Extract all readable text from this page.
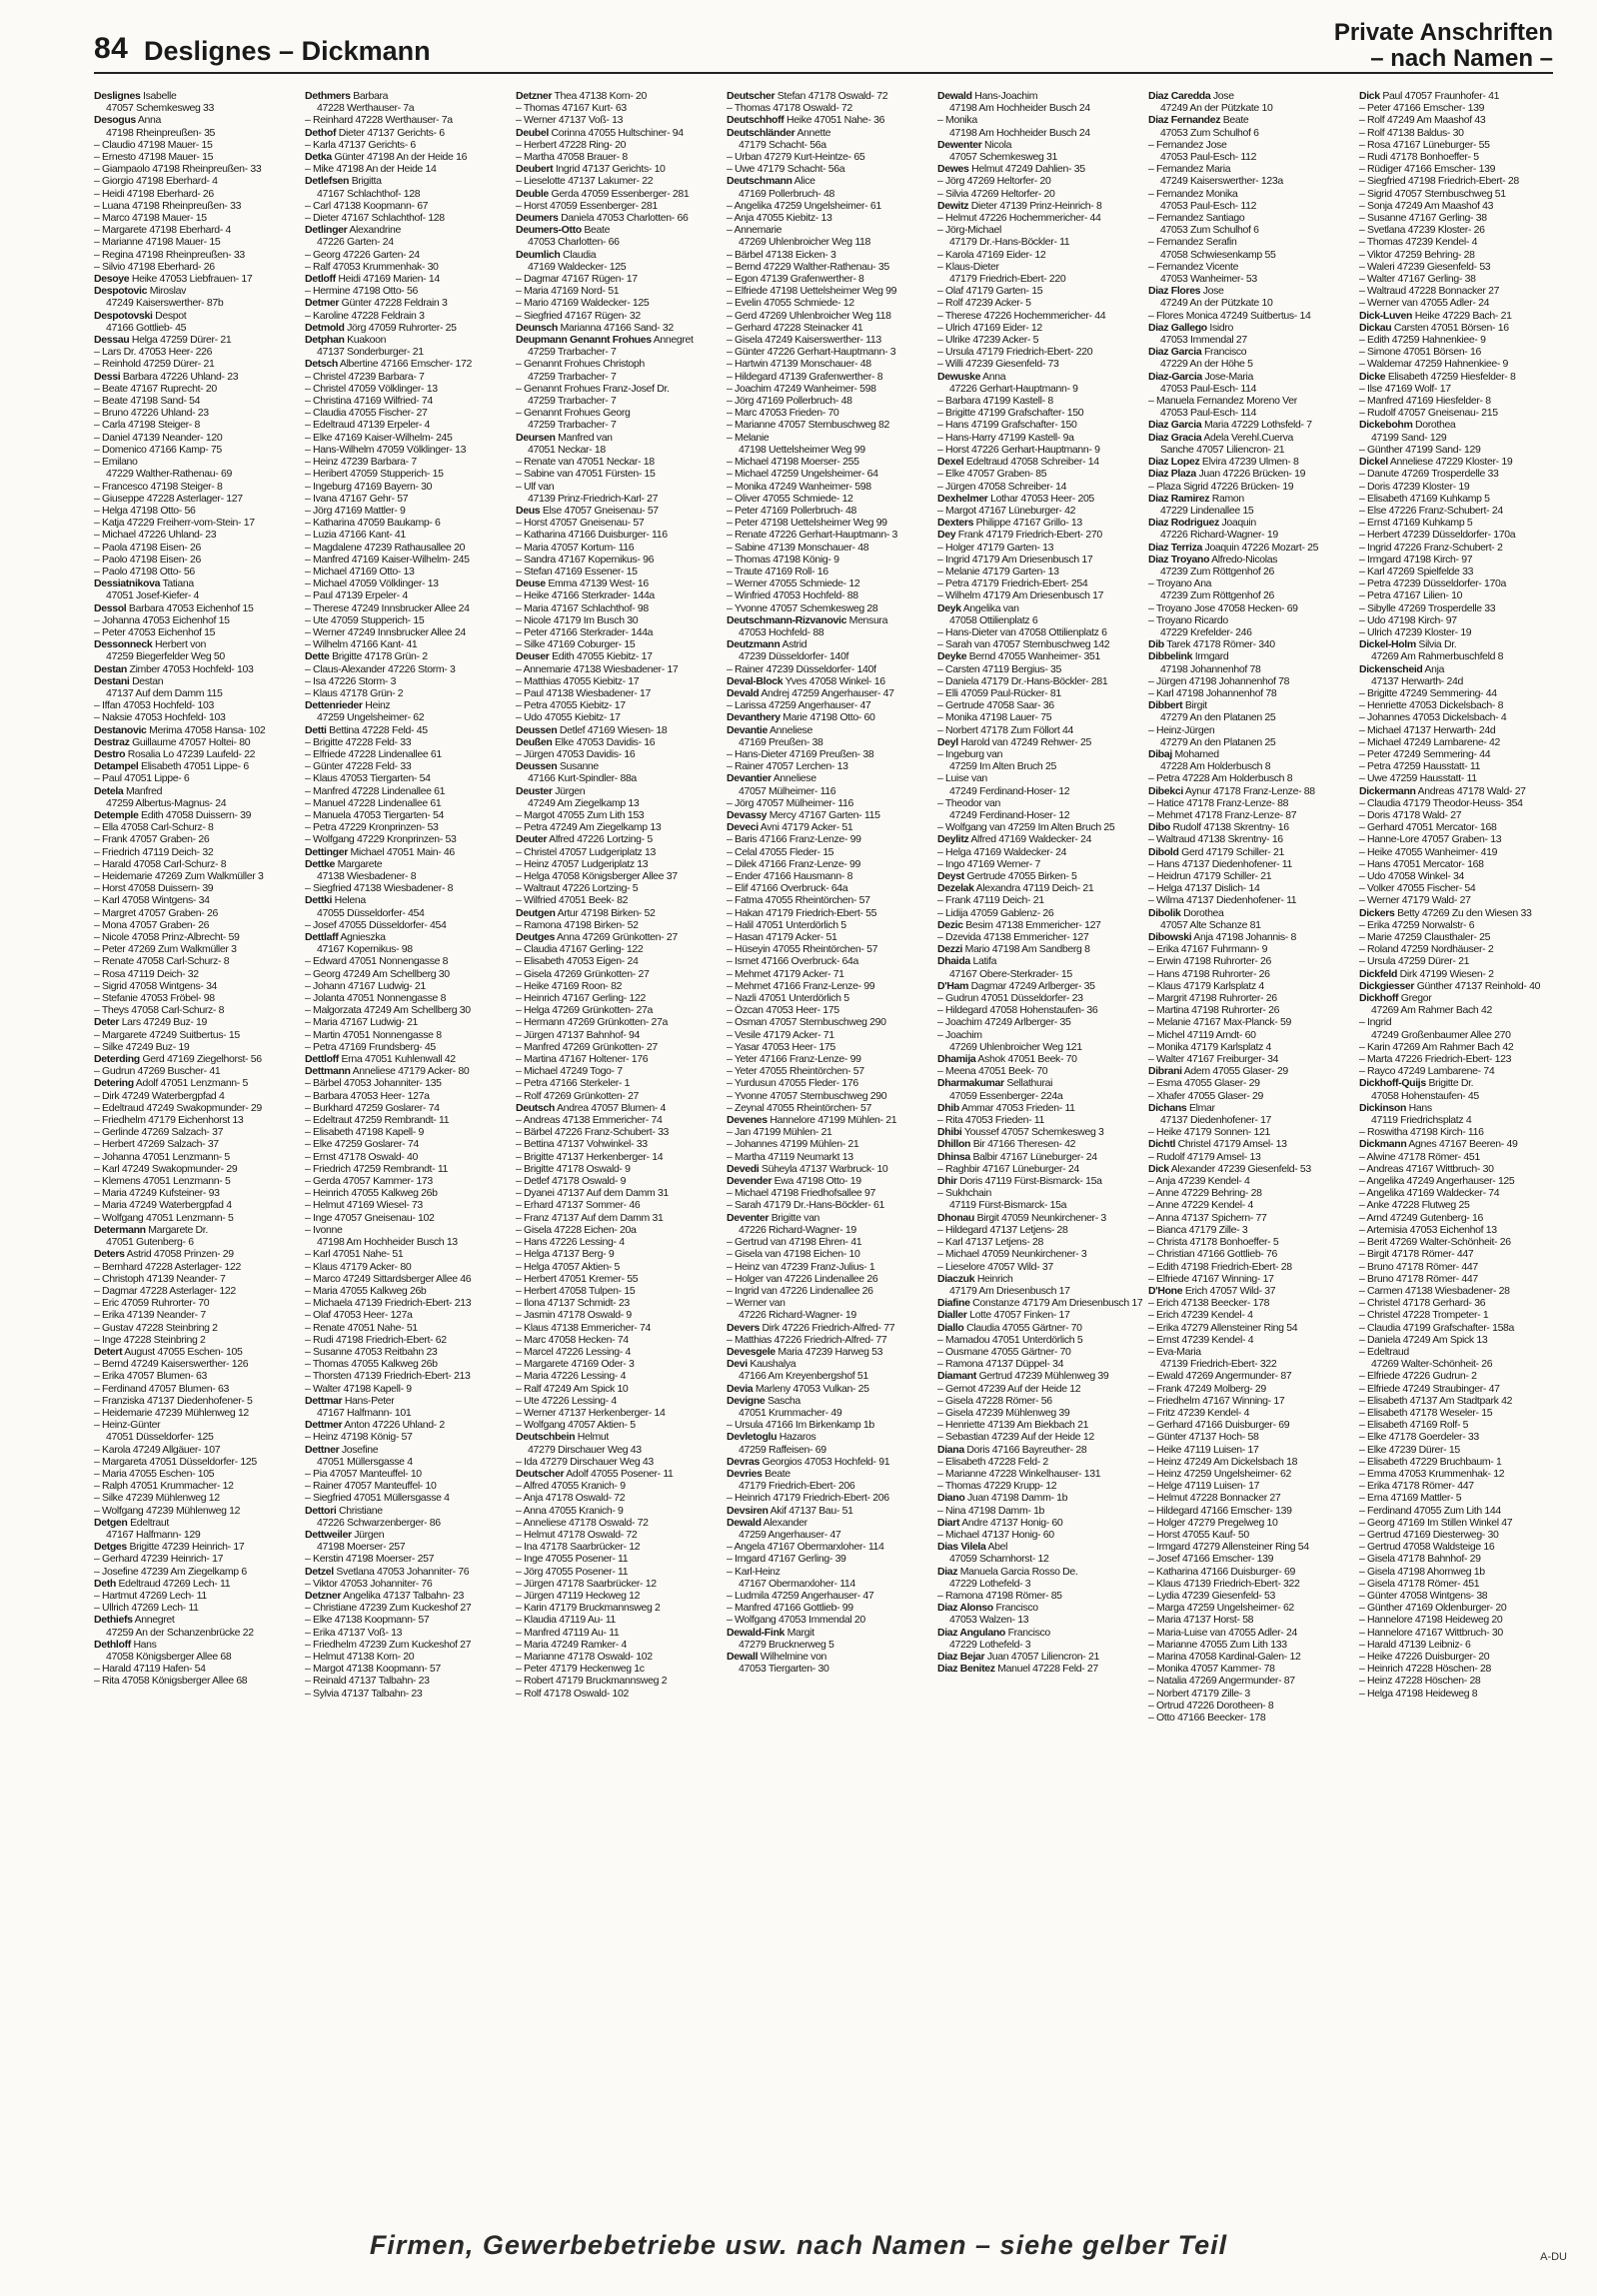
84 Deslignes – Dickmann
Private Anschriften
– nach Namen –
Deslignes Isabelle
47057 Schemkesweg 33
Desogus Anna
47198 Rheinpreußen- 35
– Claudio 47198 Mauer- 15
– Ernesto 47198 Mauer- 15
– Giampaolo 47198 Rheinpreußen- 33
– Giorgio 47198 Eberhard- 4
– Heidi 47198 Eberhard- 26
– Luana 47198 Rheinpreußen- 33
– Marco 47198 Mauer- 15
– Margarete 47198 Eberhard- 4
– Marianne 47198 Mauer- 15
– Regina 47198 Rheinpreußen- 33
– Silvio 47198 Eberhard- 26
Desoye Heike 47053 Liebfrauen- 17
Despotovic Miroslav
47249 Kaiserswerther- 87b
Despotovski Despot
47166 Gottlieb- 45
Dessau Helga 47259 Dürer- 21
– Lars Dr. 47053 Heer- 226
– Reinhold 47259 Dürer- 21
Dessi Barbara 47226 Uhland- 23
– Beate 47167 Ruprecht- 20
– Beate 47198 Sand- 54
– Bruno 47226 Uhland- 23
– Carla 47198 Steiger- 8
– Daniel 47139 Neander- 120
– Domenico 47166 Kamp- 75
– Emilano
47229 Walther-Rathenau- 69
– Francesco 47198 Steiger- 8
– Giuseppe 47228 Asterlager- 127
– Helga 47198 Otto- 56
– Katja 47229 Freiherr-vom-Stein- 17
– Michael 47226 Uhland- 23
– Paola 47198 Eisen- 26
– Paolo 47198 Eisen- 26
– Paolo 47198 Otto- 56
Dessiatnikova Tatiana
47051 Josef-Kiefer- 4
Dessol Barbara 47053 Eichenhof 15
– Johanna 47053 Eichenhof 15
– Peter 47053 Eichenhof 15
Dessonneck Herbert von
47259 Biegerfelder Weg 50
Destan Zimber 47053 Hochfeld- 103
Destani Destan
47137 Auf dem Damm 115
– Iffan 47053 Hochfeld- 103
– Naksie 47053 Hochfeld- 103
Destanovic Merima 47058 Hansa- 102
Destraz Guillaume 47057 Holtei- 80
Destro Rosalia Lo 47239 Laufeld- 22
Detampel Elisabeth 47051 Lippe- 6
– Paul 47051 Lippe- 6
Detela Manfred
47259 Albertus-Magnus- 24
Detemple Edith 47058 Duissern- 39
– Ella 47058 Carl-Schurz- 8
– Frank 47057 Graben- 26
– Friedrich 47119 Deich- 32
– Harald 47058 Carl-Schurz- 8
– Heidemarie 47269 Zum Walkmüller 3
– Horst 47058 Duissern- 39
– Karl 47058 Wintgens- 34
– Margret 47057 Graben- 26
– Mona 47057 Graben- 26
– Nicole 47058 Prinz-Albrecht- 59
– Peter 47269 Zum Walkmüller 3
– Renate 47058 Carl-Schurz- 8
– Rosa 47119 Deich- 32
– Sigrid 47058 Wintgens- 34
– Stefanie 47053 Fröbel- 98
– Theys 47058 Carl-Schurz- 8
Deter Lars 47249 Buz- 19
– Margarete 47249 Suitbertus- 15
– Silke 47249 Buz- 19
Deterding Gerd 47169 Ziegelhorst- 56
– Gudrun 47269 Buscher- 41
Detering Adolf 47051 Lenzmann- 5
– Dirk 47249 Waterbergpfad 4
– Edeltraud 47249 Swakopmunder- 29
– Friedhelm 47179 Eichenhorst 13
– Gerlinde 47269 Salzach- 37
– Herbert 47269 Salzach- 37
– Johanna 47051 Lenzmann- 5
– Karl 47249 Swakopmunder- 29
– Klemens 47051 Lenzmann- 5
– Maria 47249 Kufsteiner- 93
– Maria 47249 Waterbergpfad 4
– Wolfgang 47051 Lenzmann- 5
Determann Margarete Dr.
47051 Gutenberg- 6
Deters Astrid 47058 Prinzen- 29
– Bernhard 47228 Asterlager- 122
– Christoph 47139 Neander- 7
– Dagmar 47228 Asterlager- 122
– Eric 47059 Ruhrorter- 70
– Erika 47139 Neander- 7
– Gustav 47228 Steinbring 2
– Inge 47228 Steinbring 2
Detert August 47055 Eschen- 105
– Bernd 47249 Kaiserswerther- 126
– Erika 47057 Blumen- 63
– Ferdinand 47057 Blumen- 63
– Franziska 47137 Diedenhofener- 5
– Heidemarie 47239 Mühlenweg 12
– Heinz-Günter
47051 Düsseldorfer- 125
– Karola 47249 Allgäuer- 107
– Margareta 47051 Düsseldorfer- 125
– Maria 47055 Eschen- 105
– Ralph 47051 Krummacher- 12
– Silke 47239 Mühlenweg 12
– Wolfgang 47239 Mühlenweg 12
Detgen Edeltraut
47167 Halfmann- 129
Detges Brigitte 47239 Heinrich- 17
– Gerhard 47239 Heinrich- 17
– Josefine 47239 Am Ziegelkamp 6
Deth Edeltraud 47269 Lech- 11
– Hartmut 47269 Lech- 11
– Ullrich 47269 Lech- 11
Dethiefs Annegret
47259 An der Schanzenbrücke 22
Dethloff Hans
47058 Königsberger Allee 68
– Harald 47119 Hafen- 54
– Rita 47058 Königsberger Allee 68
Dethmers Barbara
47228 Werthauser- 7a
– Reinhard 47228 Werthauser- 7a
Dethof Dieter 47137 Gerichts- 6
– Karla 47137 Gerichts- 6
Detka Günter 47198 An der Heide 16
– Mike 47198 An der Heide 14
Detlefsen Brigitta
47167 Schlachthof- 128
– Carl 47138 Koopmann- 67
– Dieter 47167 Schlachthof- 128
Detlinger Alexandrine
47226 Garten- 24
– Georg 47226 Garten- 24
– Ralf 47053 Krummenhak- 30
Detloff Heidi 47169 Marien- 14
– Hermine 47198 Otto- 56
Detmer Günter 47228 Feldrain 3
– Karoline 47228 Feldrain 3
Detmold Jörg 47059 Ruhrorter- 25
Detphan Kuakoon
47137 Sonderburger- 21
Detsch Albertine 47166 Emscher- 172
– Christel 47239 Barbara- 7
– Christel 47059 Völklinger- 13
– Christina 47169 Wilfried- 74
– Claudia 47055 Fischer- 27
– Edeltraud 47139 Erpeler- 4
– Elke 47169 Kaiser-Wilhelm- 245
– Hans-Wilhelm 47059 Völklinger- 13
– Heinz 47239 Barbara- 7
– Heribert 47059 Stupperich- 15
– Ingeburg 47169 Bayern- 30
– Ivana 47167 Gehr- 57
– Jörg 47169 Mattler- 9
– Katharina 47059 Baukamp- 6
– Luzia 47166 Kant- 41
– Magdalene 47239 Rathausallee 20
– Manfred 47169 Kaiser-Wilhelm- 245
– Michael 47169 Otto- 13
– Michael 47059 Völklinger- 13
– Paul 47139 Erpeler- 4
– Therese 47249 Innsbrucker Allee 24
– Ute 47059 Stupperich- 15
– Werner 47249 Innsbrucker Allee 24
– Wilhelm 47166 Kant- 41
Dette Brigitte 47178 Grün- 2
– Claus-Alexander 47226 Storm- 3
– Isa 47226 Storm- 3
– Klaus 47178 Grün- 2
Dettenrieder Heinz
47259 Ungelsheimer- 62
Detti Bettina 47228 Feld- 45
– Brigitte 47228 Feld- 33
– Elfriede 47228 Lindenallee 61
– Günter 47228 Feld- 33
– Klaus 47053 Tiergarten- 54
– Manfred 47228 Lindenallee 61
– Manuel 47228 Lindenallee 61
– Manuela 47053 Tiergarten- 54
– Petra 47229 Kronprinzen- 53
– Wolfgang 47229 Kronprinzen- 53
Dettinger Michael 47051 Main- 46
Dettke Margarete
47138 Wiesbadener- 8
– Siegfried 47138 Wiesbadener- 8
Dettki Helena
47055 Düsseldorfer- 454
– Josef 47055 Düsseldorfer- 454
Dettlaff Agnieszka
47167 Kopernikus- 98
– Edward 47051 Nonnengasse 8
– Georg 47249 Am Schellberg 30
– Johann 47167 Ludwig- 21
– Jolanta 47051 Nonnengasse 8
– Malgorzata 47249 Am Schellberg 30
– Maria 47167 Ludwig- 21
– Martin 47051 Nonnengasse 8
– Petra 47169 Frundsberg- 45
Dettloff Erna 47051 Kuhlenwall 42
Dettmann Anneliese 47179 Acker- 80
– Bärbel 47053 Johanniter- 135
– Barbara 47053 Heer- 127a
– Burkhard 47259 Goslarer- 74
– Edeltraut 47259 Rembrandt- 11
– Elisabeth 47198 Kapell- 9
– Elke 47259 Goslarer- 74
– Ernst 47178 Oswald- 40
– Friedrich 47259 Rembrandt- 11
– Gerda 47057 Kammer- 173
– Heinrich 47055 Kalkweg 26b
– Helmut 47169 Wiesel- 73
– Inge 47057 Gneisenau- 102
– Ivonne
47198 Am Hochheider Busch 13
– Karl 47051 Nahe- 51
– Klaus 47179 Acker- 80
– Marco 47249 Sittardsberger Allee 46
– Maria 47055 Kalkweg 26b
– Michaela 47139 Friedrich-Ebert- 213
– Olaf 47053 Heer- 127a
– Renate 47051 Nahe- 51
– Rudi 47198 Friedrich-Ebert- 62
– Susanne 47053 Reitbahn 23
– Thomas 47055 Kalkweg 26b
– Thorsten 47139 Friedrich-Ebert- 213
– Walter 47198 Kapell- 9
Dettmar Hans-Peter
47167 Halfmann- 101
Dettmer Anton 47226 Uhland- 2
– Heinz 47198 König- 57
Dettner Josefine
47051 Müllersgasse 4
– Pia 47057 Manteuffel- 10
– Rainer 47057 Manteuffel- 10
– Siegfried 47051 Müllersgasse 4
Dettori Christiane
47226 Schwarzenberger- 86
Dettweiler Jürgen
47198 Moerser- 257
– Kerstin 47198 Moerser- 257
Detzel Svetlana 47053 Johanniter- 76
– Viktor 47053 Johanniter- 76
Detzner Angelika 47137 Talbahn- 23
– Christiane 47239 Zum Kuckeshof 27
– Elke 47138 Koopmann- 57
– Erika 47137 Voß- 13
– Friedhelm 47239 Zum Kuckeshof 27
– Helmut 47138 Korn- 20
– Margot 47138 Koopmann- 57
– Reinald 47137 Talbahn- 23
– Sylvia 47137 Talbahn- 23
Detzner Thea 47138 Korn- 20
– Thomas 47167 Kurt- 63
– Werner 47137 Voß- 13
Deubel Corinna 47055 Hultschiner- 94
– Herbert 47228 Ring- 20
– Martha 47058 Brauer- 8
Deubert Ingrid 47137 Gerichts- 10
– Lieselotte 47137 Lakumer- 22
Deuble Gerda 47059 Essenberger- 281
– Horst 47059 Essenberger- 281
Deumers Daniela 47053 Charlotten- 66
Deumers-Otto Beate
47053 Charlotten- 66
Deumlich Claudia
47169 Waldecker- 125
– Dagmar 47167 Rügen- 17
– Maria 47169 Nord- 51
– Mario 47169 Waldecker- 125
– Siegfried 47167 Rügen- 32
Deunsch Marianna 47166 Sand- 32
Deupmann Genannt Frohues Annegret
47259 Trarbacher- 7
– Genannt Frohues Christoph
47259 Trarbacher- 7
– Genannt Frohues Franz-Josef Dr.
47259 Trarbacher- 7
– Genannt Frohues Georg
47259 Trarbacher- 7
Deursen Manfred van
47051 Neckar- 18
– Renate van 47051 Neckar- 18
– Sabine van 47051 Fürsten- 15
– Ulf van
47139 Prinz-Friedrich-Karl- 27
Deus Else 47057 Gneisenau- 57
– Horst 47057 Gneisenau- 57
– Katharina 47166 Duisburger- 116
– Maria 47057 Kortum- 116
– Sandra 47167 Kopernikus- 96
– Stefan 47169 Essener- 15
Deuse Emma 47139 West- 16
– Heike 47166 Sterkrader- 144a
– Maria 47167 Schlachthof- 98
– Nicole 47179 Im Busch 30
– Peter 47166 Sterkrader- 144a
– Silke 47169 Coburger- 15
Deuser Edith 47055 Kiebitz- 17
– Annemarie 47138 Wiesbadener- 17
– Matthias 47055 Kiebitz- 17
– Paul 47138 Wiesbadener- 17
– Petra 47055 Kiebitz- 17
– Udo 47055 Kiebitz- 17
Deussen Detlef 47169 Wiesen- 18
Deußen Elke 47053 Davidis- 16
– Jürgen 47053 Davidis- 16
Deussen Susanne
47166 Kurt-Spindler- 88a
Deuster Jürgen
47249 Am Ziegelkamp 13
– Margot 47055 Zum Lith 153
– Petra 47249 Am Ziegelkamp 13
Deuter Alfred 47226 Lortzing- 5
– Christel 47057 Ludgeriplatz 13
– Heinz 47057 Ludgeriplatz 13
– Helga 47058 Königsberger Allee 37
– Waltraut 47226 Lortzing- 5
– Wilfried 47051 Beek- 82
Deutgen Artur 47198 Birken- 52
– Ramona 47198 Birken- 52
Deutges Anna 47269 Grünkotten- 27
– Claudia 47167 Gerling- 122
– Elisabeth 47053 Eigen- 24
– Gisela 47269 Grünkotten- 27
– Heike 47169 Roon- 82
– Heinrich 47167 Gerling- 122
– Helga 47269 Grünkotten- 27a
– Hermann 47269 Grünkotten- 27a
– Jürgen 47137 Bahnhof- 94
– Manfred 47269 Grünkotten- 27
– Martina 47167 Holtener- 176
– Michael 47249 Togo- 7
– Petra 47166 Sterkeler- 1
– Rolf 47269 Grünkotten- 27
Deutsch Andrea 47057 Blumen- 4
– Andreas 47138 Emmericher- 74
– Bärbel 47226 Franz-Schubert- 33
– Bettina 47137 Vohwinkel- 33
– Brigitte 47137 Herkenberger- 14
– Brigitte 47178 Oswald- 9
– Detlef 47178 Oswald- 9
– Dyanei 47137 Auf dem Damm 31
– Erhard 47137 Sommer- 46
– Franz 47137 Auf dem Damm 31
– Gisela 47228 Eichen- 20a
– Hans 47226 Lessing- 4
– Helga 47137 Berg- 9
– Helga 47057 Aktien- 5
– Herbert 47051 Kremer- 55
– Herbert 47058 Tulpen- 15
– Ilona 47137 Schmidt- 23
– Jasmin 47178 Oswald- 9
– Klaus 47138 Emmericher- 74
– Marc 47058 Hecken- 74
– Marcel 47226 Lessing- 4
– Margarete 47169 Oder- 3
– Maria 47226 Lessing- 4
– Ralf 47249 Am Spick 10
– Ute 47226 Lessing- 4
– Werner 47137 Herkenberger- 14
– Wolfgang 47057 Aktien- 5
Deutschbein Helmut
47279 Dirschauer Weg 43
– Ida 47279 Dirschauer Weg 43
Deutscher Adolf 47055 Posener- 11
– Alfred 47055 Kranich- 9
– Anja 47178 Oswald- 72
– Anna 47055 Kranich- 9
– Anneliese 47178 Oswald- 72
– Helmut 47178 Oswald- 72
– Ina 47178 Saarbrücker- 12
– Inge 47055 Posener- 11
– Jörg 47055 Posener- 11
– Jürgen 47178 Saarbrücker- 12
– Jürgen 47119 Heckweg 12
– Karin 47179 Bruckmannsweg 2
– Klaudia 47119 Au- 11
– Manfred 47119 Au- 11
– Maria 47249 Ramker- 4
– Marianne 47178 Oswald- 102
– Peter 47179 Heckenweg 1c
– Robert 47179 Bruckmannsweg 2
– Rolf 47178 Oswald- 102
Deutscher Stefan 47178 Oswald- 72
– Thomas 47178 Oswald- 72
Deutschhoff Heike 47051 Nahe- 36
Deutschländer Annette
47179 Schacht- 56a
– Urban 47279 Kurt-Heintze- 65
– Uwe 47179 Schacht- 56a
Deutschmann Alice
47169 Pollerbruch- 48
– Angelika 47259 Ungelsheimer- 61
– Anja 47055 Kiebitz- 13
– Annemarie
47269 Uhlenbroicher Weg 118
– Bärbel 47138 Eicken- 3
– Bernd 47229 Walther-Rathenau- 35
– Egon 47139 Grafenwerther- 8
– Elfriede 47198 Uettelsheimer Weg 99
– Evelin 47055 Schmiede- 12
– Gerd 47269 Uhlenbroicher Weg 118
– Gerhard 47228 Steinacker 41
– Gisela 47249 Kaiserswerther- 113
– Günter 47226 Gerhart-Hauptmann- 3
– Hartwin 47139 Monschauer- 48
– Hildegard 47139 Grafenwerther- 8
– Joachim 47249 Wanheimer- 598
– Jörg 47169 Pollerbruch- 48
– Marc 47053 Frieden- 70
– Marianne 47057 Sternbuschweg 82
– Melanie
47198 Uettelsheimer Weg 99
– Michael 47198 Moerser- 255
– Michael 47259 Ungelsheimer- 64
– Monika 47249 Wanheimer- 598
– Oliver 47055 Schmiede- 12
– Peter 47169 Pollerbruch- 48
– Peter 47198 Uettelsheimer Weg 99
– Renate 47226 Gerhart-Hauptmann- 3
– Sabine 47139 Monschauer- 48
– Thomas 47198 König- 9
– Traute 47169 Roll- 16
– Werner 47055 Schmiede- 12
– Winfried 47053 Hochfeld- 88
– Yvonne 47057 Schemkesweg 28
Deutschmann-Rizvanovic Mensura
47053 Hochfeld- 88
Deutzmann Astrid
47239 Düsseldorfer- 140f
– Rainer 47239 Düsseldorfer- 140f
Deval-Block Yves 47058 Winkel- 16
Devald Andrej 47259 Angerhauser- 47
– Larissa 47259 Angerhauser- 47
Devanthery Marie 47198 Otto- 60
Devantie Anneliese
47169 Preußen- 38
– Hans-Dieter 47169 Preußen- 38
– Rainer 47057 Lerchen- 13
Devantier Anneliese
47057 Mülheimer- 116
– Jörg 47057 Mülheimer- 116
Devassy Mercy 47167 Garten- 115
Deveci Avni 47179 Acker- 51
– Baris 47166 Franz-Lenze- 99
– Celal 47055 Fleder- 15
– Dilek 47166 Franz-Lenze- 99
– Ender 47166 Hausmann- 8
– Elif 47166 Overbruck- 64a
– Fatma 47055 Rheintörchen- 57
– Hakan 47179 Friedrich-Ebert- 55
– Halil 47051 Unterdörlich 5
– Hasan 47179 Acker- 51
– Hüseyin 47055 Rheintörchen- 57
– Ismet 47166 Overbruck- 64a
– Mehmet 47179 Acker- 71
– Mehmet 47166 Franz-Lenze- 99
– Nazli 47051 Unterdörlich 5
– Özcan 47053 Heer- 175
– Osman 47057 Sternbuschweg 290
– Vesile 47179 Acker- 71
– Yasar 47053 Heer- 175
– Yeter 47166 Franz-Lenze- 99
– Yeter 47055 Rheintörchen- 57
– Yurdusun 47055 Fleder- 176
– Yvonne 47057 Sternbuschweg 290
– Zeynal 47055 Rheintörchen- 57
Devenes Hannelore 47199 Mühlen- 21
– Jan 47199 Mühlen- 21
– Johannes 47199 Mühlen- 21
– Martha 47119 Neumarkt 13
Devedi Süheyla 47137 Warbruck- 10
Devender Ewa 47198 Otto- 19
– Michael 47198 Friedhofsallee 97
– Sarah 47179 Dr.-Hans-Böckler- 61
Deventer Brigitte van
47226 Richard-Wagner- 19
– Gertrud van 47198 Ehren- 41
– Gisela van 47198 Eichen- 10
– Heinz van 47239 Franz-Julius- 1
– Holger van 47226 Lindenallee 26
– Ingrid van 47226 Lindenallee 26
– Werner van
47226 Richard-Wagner- 19
Devers Dirk 47226 Friedrich-Alfred- 77
– Matthias 47226 Friedrich-Alfred- 77
Devesgele Maria 47239 Harweg 53
Devi Kaushalya
47166 Am Kreyenbergshof 51
Devia Marleny 47053 Vulkan- 25
Devigne Sascha
47051 Krummacher- 49
– Ursula 47166 Im Birkenkamp 1b
Devletoglu Hazaros
47259 Raffeisen- 69
Devras Georgios 47053 Hochfeld- 91
Devries Beate
47179 Friedrich-Ebert- 206
– Heinrich 47179 Friedrich-Ebert- 206
Devsiren Akif 47137 Bau- 51
Dewald Alexander
47259 Angerhauser- 47
– Angela 47167 Obermarxloher- 114
– Irngard 47167 Gerling- 39
– Karl-Heinz
47167 Obermarxloher- 114
– Ludmila 47259 Angerhauser- 47
– Manfred 47166 Gottlieb- 99
– Wolfgang 47053 Immendal 20
Dewald-Fink Margit
47279 Brucknerweg 5
Dewall Wilhelmine von
47053 Tiergarten- 30
Dewald Hans-Joachim
47198 Am Hochheider Busch 24
– Monika
47198 Am Hochheider Busch 24
Dewenter Nicola
47057 Schemkesweg 31
Dewes Helmut 47249 Dahlien- 35
– Jörg 47269 Heltorfer- 20
– Silvia 47269 Heltorfer- 20
Dewitz Dieter 47139 Prinz-Heinrich- 8
– Helmut 47226 Hochemmericher- 44
– Jörg-Michael
47179 Dr.-Hans-Böckler- 11
– Karola 47169 Eider- 12
– Klaus-Dieter
47179 Friedrich-Ebert- 220
– Olaf 47179 Garten- 15
– Rolf 47239 Acker- 5
– Therese 47226 Hochemmericher- 44
– Ulrich 47169 Eider- 12
– Ulrike 47239 Acker- 5
– Ursula 47179 Friedrich-Ebert- 220
– Willi 47239 Giesenfeld- 73
Dewuske Anna
47226 Gerhart-Hauptmann- 9
– Barbara 47199 Kastell- 8
– Brigitte 47199 Grafschafter- 150
– Hans 47199 Grafschafter- 150
– Hans-Harry 47199 Kastell- 9a
– Horst 47226 Gerhart-Hauptmann- 9
Dexel Edeltraud 47058 Schreiber- 14
– Elke 47057 Graben- 85
– Jürgen 47058 Schreiber- 14
Dexhelmer Lothar 47053 Heer- 205
– Margot 47167 Lüneburger- 42
Dexters Philippe 47167 Grillo- 13
Dey Frank 47179 Friedrich-Ebert- 270
– Holger 47179 Garten- 13
– Ingrid 47179 Am Driesenbusch 17
– Melanie 47179 Garten- 13
– Petra 47179 Friedrich-Ebert- 254
– Wilhelm 47179 Am Driesenbusch 17
Deyk Angelika van
47058 Ottilienplatz 6
– Hans-Dieter van 47058 Ottilienplatz 6
– Sarah van 47057 Sternbuschweg 142
Deyke Bernd 47055 Wanheimer- 351
– Carsten 47119 Bergius- 35
– Daniela 47179 Dr.-Hans-Böckler- 281
– Elli 47059 Paul-Rücker- 81
– Gertrude 47058 Saar- 36
– Monika 47198 Lauer- 75
– Norbert 47178 Zum Föllort 44
Deyl Harold van 47249 Rehwer- 25
– Ingeburg van
47259 Im Alten Bruch 25
– Luise van
47249 Ferdinand-Hoser- 12
– Theodor van
47249 Ferdinand-Hoser- 12
– Wolfgang van 47259 Im Alten Bruch 25
Deylitz Alfred 47169 Waldecker- 24
– Helga 47169 Waldecker- 24
– Ingo 47169 Werner- 7
Deyst Gertrude 47055 Birken- 5
Dezelak Alexandra 47119 Deich- 21
– Frank 47119 Deich- 21
– Lidija 47059 Gablenz- 26
Dezic Besim 47138 Emmericher- 127
– Dzevida 47138 Emmericher- 127
Dezzi Mario 47198 Am Sandberg 8
Dhaida Latifa
47167 Obere-Sterkrader- 15
D'Ham Dagmar 47249 Arlberger- 35
– Gudrun 47051 Düsseldorfer- 23
– Hildegard 47058 Hohenstaufen- 36
– Joachim 47249 Arlberger- 35
– Joachim
47269 Uhlenbroicher Weg 121
Dhamija Ashok 47051 Beek- 70
– Meena 47051 Beek- 70
Dharmakumar Sellathurai
47059 Essenberger- 224a
Dhib Ammar 47053 Frieden- 11
– Rita 47053 Frieden- 11
Dhibi Youssef 47057 Schemkesweg 3
Dhillon Bir 47166 Theresen- 42
Dhinsa Balbir 47167 Lüneburger- 24
– Raghbir 47167 Lüneburger- 24
Dhir Doris 47119 Fürst-Bismarck- 15a
– Sukhchain
47119 Fürst-Bismarck- 15a
Dhonau Birgit 47059 Neunkirchener- 3
– Hildegard 47137 Letjens- 28
– Karl 47137 Letjens- 28
– Michael 47059 Neunkirchener- 3
– Lieselore 47057 Wild- 37
Diaczuk Heinrich
47179 Am Driesenbusch 17
Diafine Constanze 47179 Am Driesenbusch 17
Dialler Lotte 47057 Finken- 17
Diallo Claudia 47055 Gärtner- 70
– Mamadou 47051 Unterdörlich 5
– Ousmane 47055 Gärtner- 70
– Ramona 47137 Düppel- 34
Diamant Gertrud 47239 Mühlenweg 39
– Gernot 47239 Auf der Heide 12
– Gisela 47228 Römer- 56
– Gisela 47239 Mühlenweg 39
– Henriette 47139 Am Biekbach 21
– Sebastian 47239 Auf der Heide 12
Diana Doris 47166 Bayreuther- 28
– Elisabeth 47228 Feld- 2
– Marianne 47228 Winkelhauser- 131
– Thomas 47229 Krupp- 12
Diano Juan 47198 Damm- 1b
– Nina 47198 Damm- 1b
Diart Andre 47137 Honig- 60
– Michael 47137 Honig- 60
Dias Vilela Abel
47059 Scharnhorst- 12
Diaz Manuela Garcia Rosso De.
47229 Lothefeld- 3
– Ramona 47198 Römer- 85
Diaz Alonso Francisco
47053 Walzen- 13
Diaz Angulano Francisco
47229 Lothefeld- 3
Diaz Bejar Juan 47057 Liliencron- 21
Diaz Benitez Manuel 47228 Feld- 27
Diaz Caredda Jose
47249 An der Pützkate 10
Diaz Fernandez Beate
47053 Zum Schulhof 6
– Fernandez Jose
47053 Paul-Esch- 112
– Fernandez Maria
47249 Kaiserswerther- 123a
– Fernandez Monika
47053 Paul-Esch- 112
– Fernandez Santiago
47053 Zum Schulhof 6
– Fernandez Serafin
47058 Schwiesenkamp 55
– Fernandez Vicente
47053 Wanheimer- 53
Diaz Flores Jose
47249 An der Pützkate 10
– Flores Monica 47249 Suitbertus- 14
Diaz Gallego Isidro
47053 Immendal 27
Diaz Garcia Francisco
47229 An der Höhe 5
Diaz-Garcia Jose-Maria
47053 Paul-Esch- 114
– Manuela Fernandez Moreno Ver
47053 Paul-Esch- 114
Diaz Garcia Maria 47229 Lothsfeld- 7
Diaz Gracia Adela Verehl.Cuerva
Sanche 47057 Liliencron- 21
Diaz Lopez Elvira 47239 Ulmen- 8
Diaz Plaza Juan 47226 Brücken- 19
– Plaza Sigrid 47226 Brücken- 19
Diaz Ramirez Ramon
47229 Lindenallee 15
Diaz Rodriguez Joaquin
47226 Richard-Wagner- 19
Diaz Terriza Joaquin 47226 Mozart- 25
Diaz Troyano Alfredo-Nicolas
47239 Zum Röttgenhof 26
– Troyano Ana
47239 Zum Röttgenhof 26
– Troyano Jose 47058 Hecken- 69
– Troyano Ricardo
47229 Krefelder- 246
Dib Tarek 47178 Römer- 340
Dibbelink Irmgard
47198 Johannenhof 78
– Jürgen 47198 Johannenhof 78
– Karl 47198 Johannenhof 78
Dibbert Birgit
47279 An den Platanen 25
– Heinz-Jürgen
47279 An den Platanen 25
Dibaj Mohamed
47228 Am Holderbusch 8
– Petra 47228 Am Holderbusch 8
Dibekci Aynur 47178 Franz-Lenze- 88
– Hatice 47178 Franz-Lenze- 88
– Mehmet 47178 Franz-Lenze- 87
Dibo Rudolf 47138 Skrentny- 16
– Waltraud 47138 Skrentny- 16
Dibold Gerd 47179 Schiller- 21
– Hans 47137 Diedenhofener- 11
– Heidrun 47179 Schiller- 21
– Helga 47137 Dislich- 14
– Wilma 47137 Diedenhofener- 11
Dibolik Dorothea
47057 Alte Schanze 81
Dibowski Anja 47198 Johannis- 8
– Erika 47167 Fuhrmann- 9
– Erwin 47198 Ruhrorter- 26
– Hans 47198 Ruhrorter- 26
– Klaus 47179 Karlsplatz 4
– Margrit 47198 Ruhrorter- 26
– Martina 47198 Ruhrorter- 26
– Melanie 47167 Max-Planck- 59
– Michel 47119 Arndt- 60
– Monika 47179 Karlsplatz 4
– Walter 47167 Freiburger- 34
Dibrani Adem 47055 Glaser- 29
– Esma 47055 Glaser- 29
– Xhafer 47055 Glaser- 29
Dichans Elmar
47137 Diedenhofener- 17
– Heike 47179 Sonnen- 121
Dichtl Christel 47179 Amsel- 13
– Rudolf 47179 Amsel- 13
Dick Alexander 47239 Giesenfeld- 53
– Anja 47239 Kendel- 4
– Anne 47229 Behring- 28
– Anne 47229 Kendel- 4
– Anna 47137 Spichern- 77
– Bianca 47179 Zille- 3
– Christa 47178 Bonhoeffer- 5
– Christian 47166 Gottlieb- 76
– Edith 47198 Friedrich-Ebert- 28
– Elfriede 47167 Winning- 17
D'Hone Erich 47057 Wild- 37
– Erich 47138 Beecker- 178
– Erich 47239 Kendel- 4
– Erika 47279 Allensteiner Ring 54
– Ernst 47239 Kendel- 4
– Eva-Maria
47139 Friedrich-Ebert- 322
– Ewald 47269 Angermunder- 87
– Frank 47249 Molberg- 29
– Friedhelm 47167 Winning- 17
– Fritz 47239 Kendel- 4
– Gerhard 47166 Duisburger- 69
– Günter 47137 Hoch- 58
– Heike 47119 Luisen- 17
– Heinz 47249 Am Dickelsbach 18
– Heinz 47259 Ungelsheimer- 62
– Helge 47119 Luisen- 17
– Helmut 47228 Bonnacker 27
– Hildegard 47166 Emscher- 139
– Holger 47279 Pregelweg 10
– Horst 47055 Kauf- 50
– Irmgard 47279 Allensteiner Ring 54
– Josef 47166 Emscher- 139
– Katharina 47166 Duisburger- 69
– Klaus 47139 Friedrich-Ebert- 322
– Lydia 47239 Giesenfeld- 53
– Marga 47259 Ungelsheimer- 62
– Maria 47137 Horst- 58
– Maria-Luise van 47055 Adler- 24
– Marianne 47055 Zum Lith 133
– Marina 47058 Kardinal-Galen- 12
– Monika 47057 Kammer- 78
– Natalia 47269 Angermunder- 87
– Norbert 47179 Zille- 3
– Ortrud 47226 Dorotheen- 8
– Otto 47166 Beecker- 178
Dick Paul 47057 Fraunhofer- 41
– Peter 47166 Emscher- 139
– Rolf 47249 Am Maashof 43
– Rolf 47138 Baldus- 30
– Rosa 47167 Lüneburger- 55
– Rudi 47178 Bonhoeffer- 5
– Rüdiger 47166 Emscher- 139
– Siegfried 47198 Friedrich-Ebert- 28
– Sigrid 47057 Sternbuschweg 51
– Sonja 47249 Am Maashof 43
– Susanne 47167 Gerling- 38
– Svetlana 47239 Kloster- 26
– Thomas 47239 Kendel- 4
– Viktor 47259 Behring- 28
– Waleri 47239 Giesenfeld- 53
– Walter 47167 Gerling- 38
– Waltraud 47228 Bonnacker 27
– Werner van 47055 Adler- 24
Dick-Luven Heike 47229 Bach- 21
Dickau Carsten 47051 Börsen- 16
– Edith 47259 Hahnenkiee- 9
– Simone 47051 Börsen- 16
– Waldemar 47259 Hahnenkiee- 9
Dicke Elisabeth 47259 Hiesfelder- 8
– Ilse 47169 Wolf- 17
– Manfred 47169 Hiesfelder- 8
– Rudolf 47057 Gneisenau- 215
Dickebohm Dorothea
47199 Sand- 129
– Günther 47199 Sand- 129
Dickel Anneliese 47229 Kloster- 19
– Danute 47269 Trosperdelle 33
– Doris 47239 Kloster- 19
– Elisabeth 47169 Kuhkamp 5
– Else 47226 Franz-Schubert- 24
– Ernst 47169 Kuhkamp 5
– Herbert 47239 Düsseldorfer- 170a
– Ingrid 47226 Franz-Schubert- 2
– Irmgard 47198 Kirch- 97
– Karl 47269 Spielfelde 33
– Petra 47239 Düsseldorfer- 170a
– Petra 47167 Lilien- 10
– Sibylle 47269 Trosperdelle 33
– Udo 47198 Kirch- 97
– Ulrich 47239 Kloster- 19
Dickel-Holm Silvia Dr.
47269 Am Rahmerbuschfeld 8
Dickenscheid Anja
47137 Herwarth- 24d
– Brigitte 47249 Semmering- 44
– Henriette 47053 Dickelsbach- 8
– Johannes 47053 Dickelsbach- 4
– Michael 47137 Herwarth- 24d
– Michael 47249 Lambarene- 42
– Peter 47249 Semmering- 44
– Petra 47259 Hausstatt- 11
– Uwe 47259 Hausstatt- 11
Dickermann Andreas 47178 Wald- 27
– Claudia 47179 Theodor-Heuss- 354
– Doris 47178 Wald- 27
– Gerhard 47051 Mercator- 168
– Hanne-Lore 47057 Graben- 13
– Heike 47055 Wanheimer- 419
– Hans 47051 Mercator- 168
– Udo 47058 Winkel- 34
– Volker 47055 Fischer- 54
– Werner 47179 Wald- 27
Dickers Betty 47269 Zu den Wiesen 33
– Erika 47259 Norwalstr- 6
– Marie 47259 Clausthaler- 25
– Roland 47259 Nordhäuser- 2
– Ursula 47259 Dürer- 21
Dickfeld Dirk 47199 Wiesen- 2
Dickgiesser Günther 47137 Reinhold- 40
Dickhoff Gregor
47269 Am Rahmer Bach 42
– Ingrid
47249 Großenbaumer Allee 270
– Karin 47269 Am Rahmer Bach 42
– Marta 47226 Friedrich-Ebert- 123
– Rayco 47249 Lambarene- 74
Dickhoff-Quijs Brigitte Dr.
47058 Hohenstaufen- 45
Dickinson Hans
47119 Friedrichsplatz 4
– Roswitha 47198 Kirch- 116
Dickmann Agnes 47167 Beeren- 49
– Alwine 47178 Römer- 451
– Andreas 47167 Wittbruch- 30
– Angelika 47249 Angerhauser- 125
– Angelika 47169 Waldecker- 74
– Anke 47228 Flutweg 25
– Arnd 47249 Gutenberg- 16
– Artemisia 47053 Eichenhof 13
– Berit 47269 Walter-Schönheit- 26
– Birgit 47178 Römer- 447
– Bruno 47178 Römer- 447
– Bruno 47178 Römer- 447
– Carmen 47138 Wiesbadener- 28
– Christel 47178 Gerhard- 36
– Christel 47228 Trompeter- 1
– Claudia 47199 Grafschafter- 158a
– Daniela 47249 Am Spick 13
– Edeltraud
47269 Walter-Schönheit- 26
– Elfriede 47226 Gudrun- 2
– Elfriede 47249 Straubinger- 47
– Elisabeth 47137 Am Stadtpark 42
– Elisabeth 47178 Weseler- 15
– Elisabeth 47169 Rolf- 5
– Elke 47178 Goerdeler- 33
– Elke 47239 Dürer- 15
– Elisabeth 47229 Bruchbaum- 1
– Emma 47053 Krummenhak- 12
– Erika 47178 Römer- 447
– Erna 47169 Mattler- 5
– Ferdinand 47055 Zum Lith 144
– Georg 47169 Im Stillen Winkel 47
– Gertrud 47169 Diesterweg- 30
– Gertrud 47058 Waldsteige 16
– Gisela 47178 Bahnhof- 29
– Gisela 47198 Ahornweg 1b
– Gisela 47178 Römer- 451
– Günter 47058 Wintgens- 38
– Günther 47169 Oldenburger- 20
– Hannelore 47198 Heideweg 20
– Hannelore 47167 Wittbruch- 30
– Harald 47139 Leibniz- 6
– Heike 47226 Duisburger- 20
– Heinrich 47228 Höschen- 28
– Heinz 47228 Höschen- 28
– Helga 47198 Heideweg 8
Firmen, Gewerbebetriebe usw. nach Namen – siehe gelber Teil	A-DU
